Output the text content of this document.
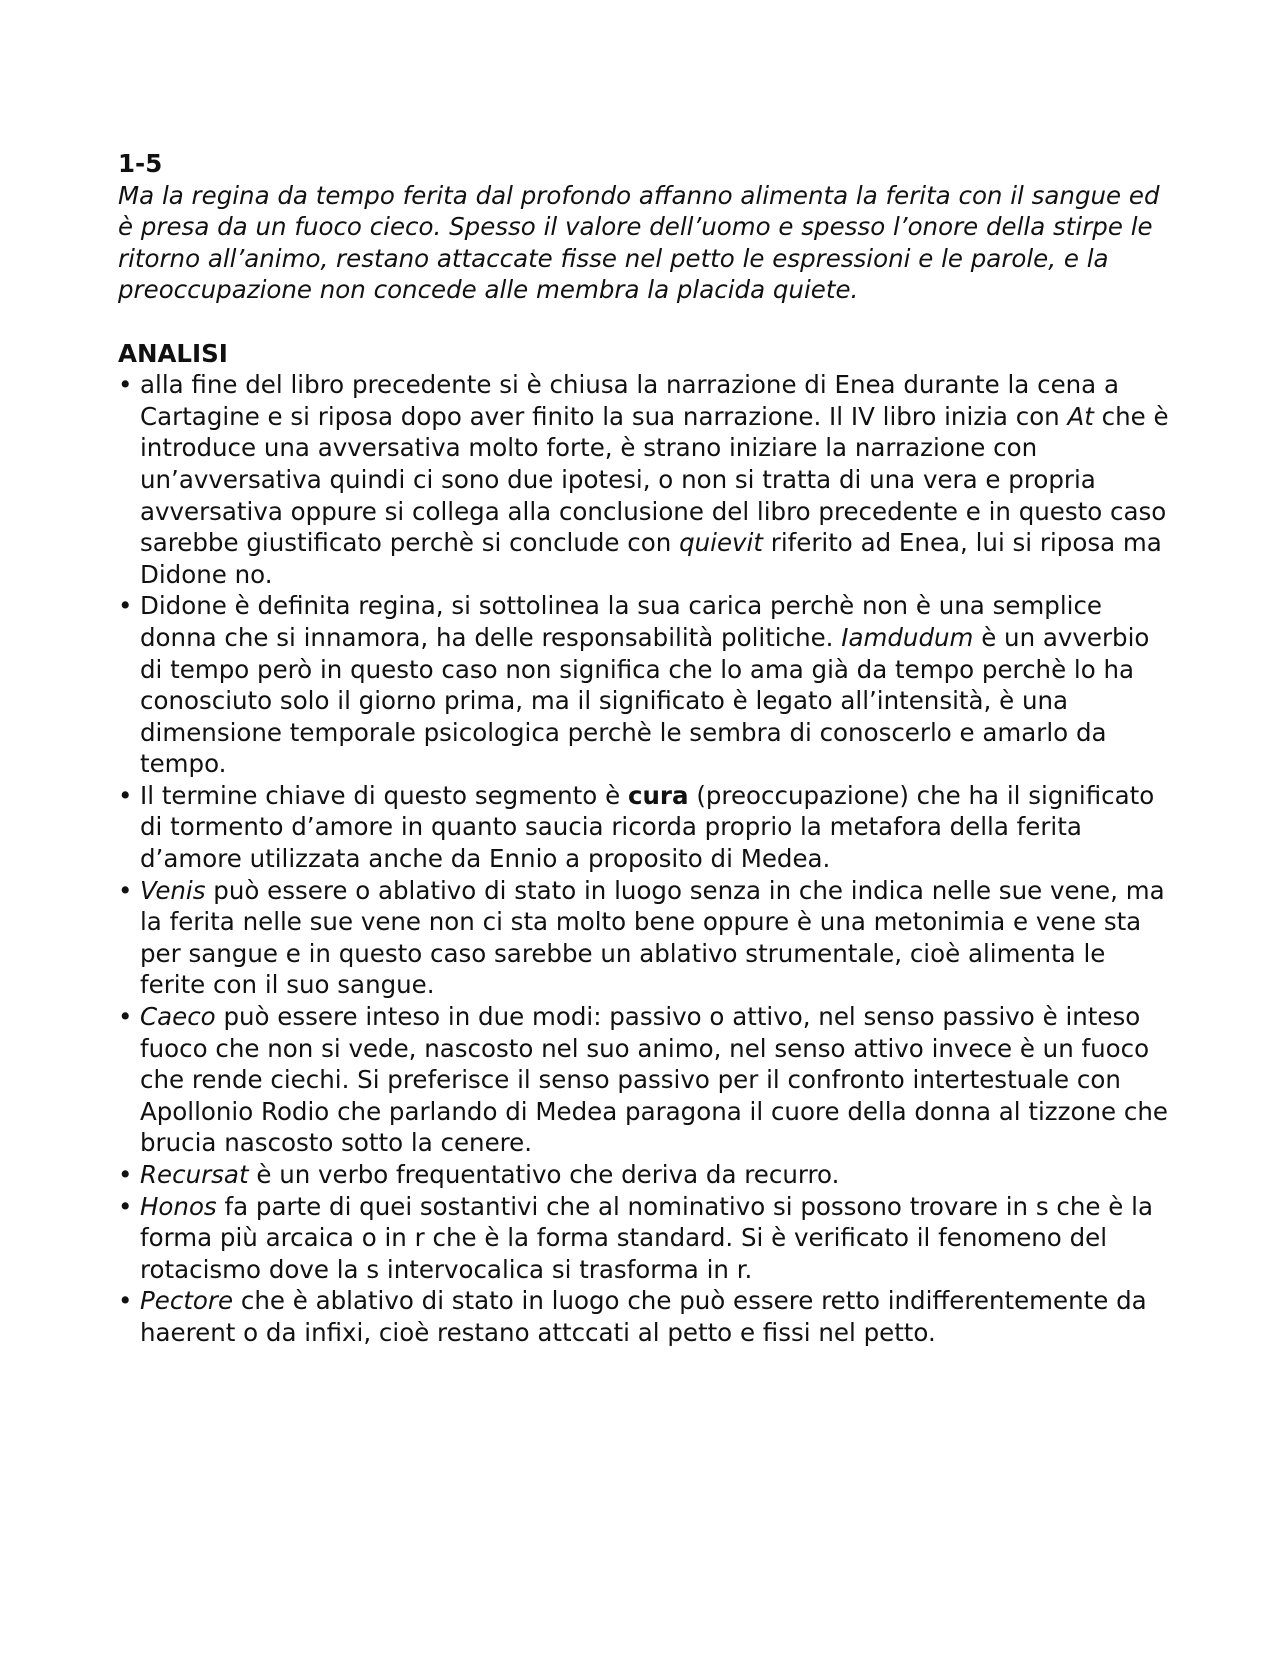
1-5

Ma la regina da tempo ferita dal profondo affanno alimenta la ferita con il sangue ed è presa da un fuoco cieco. Spesso il valore dell’uomo e spesso l’onore della stirpe le ritorno all’animo, restano attaccate fisse nel petto le espressioni e le parole, e la preoccupazione non concede alle membra la placida quiete.

ANALISI

• alla fine del libro precedente si è chiusa la narrazione di Enea durante la cena a Cartagine e si riposa dopo aver finito la sua narrazione. Il IV libro inizia con At che è introduce una avversativa molto forte, è strano iniziare la narrazione con un’avversativa quindi ci sono due ipotesi, o non si tratta di una vera e propria avversativa oppure si collega alla conclusione del libro precedente e in questo caso sarebbe giustificato perchè si conclude con quievit riferito ad Enea, lui si riposa ma Didone no.
• Didone è definita regina, si sottolinea la sua carica perchè non è una semplice donna che si innamora, ha delle responsabilità politiche. Iamdudum è un avverbio di tempo però in questo caso non significa che lo ama già da tempo perchè lo ha conosciuto solo il giorno prima, ma il significato è legato all’intensità, è una dimensione temporale psicologica perchè le sembra di conoscerlo e amarlo da tempo.
• Il termine chiave di questo segmento è cura (preoccupazione) che ha il significato di tormento d’amore in quanto saucia ricorda proprio la metafora della ferita d’amore utilizzata anche da Ennio a proposito di Medea.
• Venis può essere o ablativo di stato in luogo senza in che indica nelle sue vene, ma la ferita nelle sue vene non ci sta molto bene oppure è una metonimia e vene sta per sangue e in questo caso sarebbe un ablativo strumentale, cioè alimenta le ferite con il suo sangue.
• Caeco può essere inteso in due modi: passivo o attivo, nel senso passivo è inteso fuoco che non si vede, nascosto nel suo animo, nel senso attivo invece è un fuoco che rende ciechi. Si preferisce il senso passivo per il confronto intertestuale con Apollonio Rodio che parlando di Medea paragona il cuore della donna al tizzone che brucia nascosto sotto la cenere.
• Recursat è un verbo frequentativo che deriva da recurro.
• Honos fa parte di quei sostantivi che al nominativo si possono trovare in s che è la forma più arcaica o in r che è la forma standard. Si è verificato il fenomeno del rotacismo dove la s intervocalica si trasforma in r.
• Pectore che è ablativo di stato in luogo che può essere retto indifferentemente da haerent o da infixi, cioè restano attccati al petto e fissi nel petto.
